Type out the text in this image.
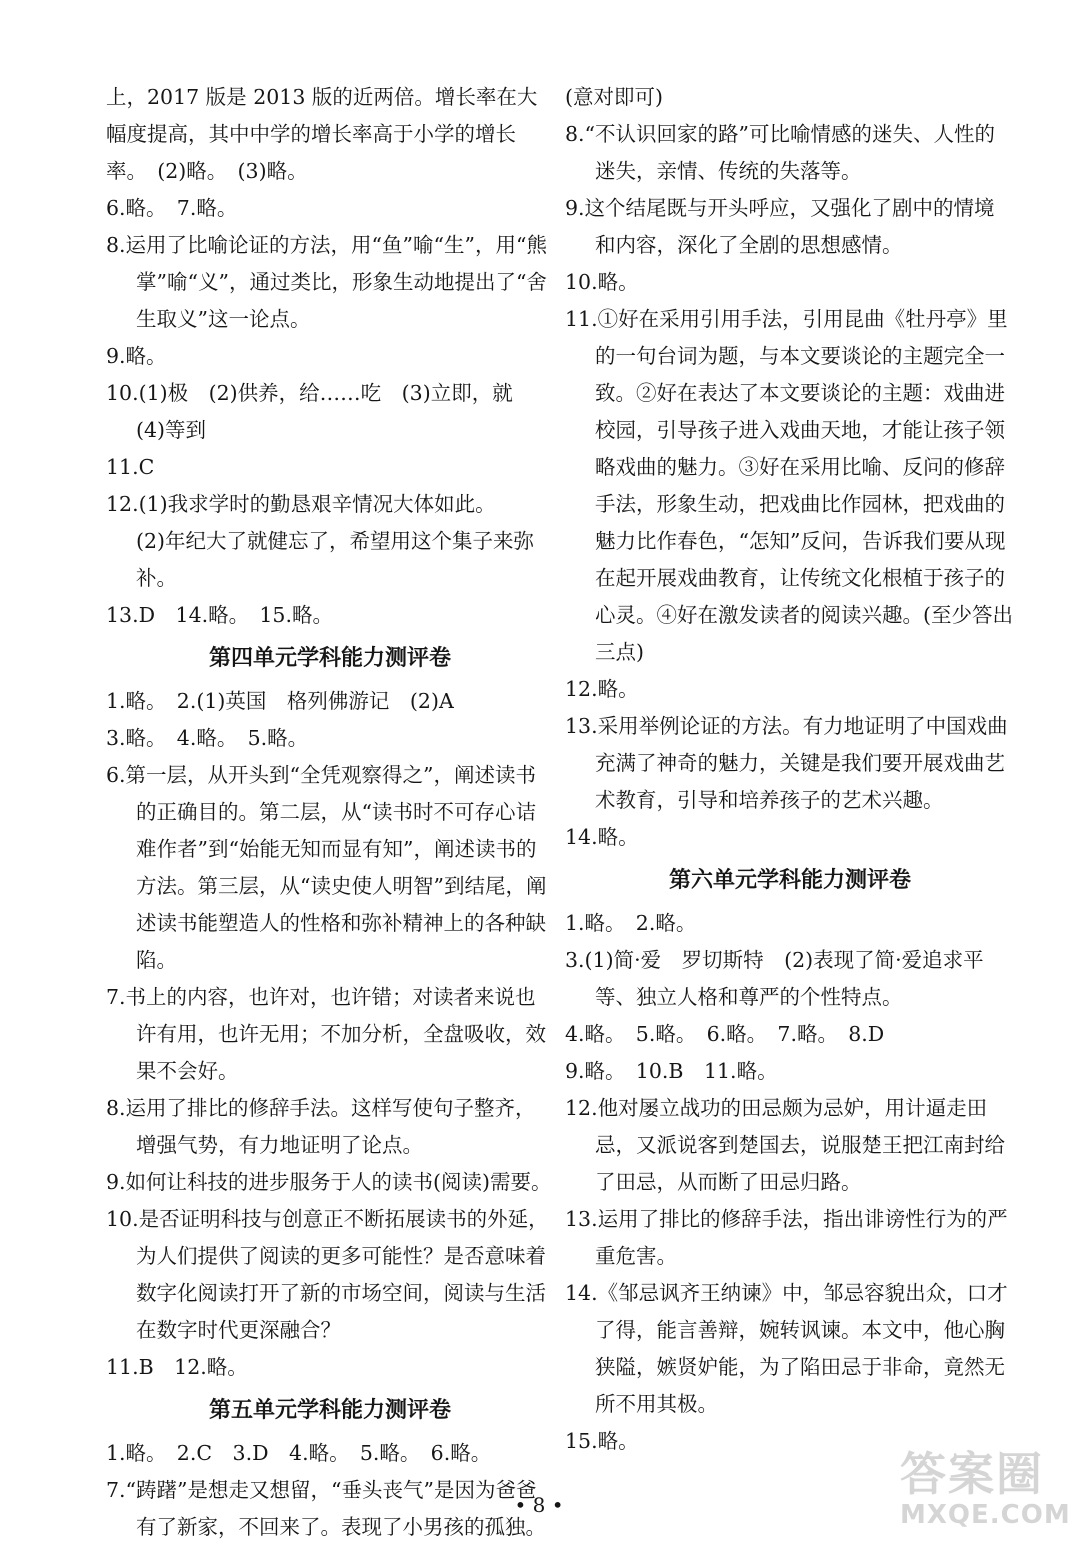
上，2017 版是 2013 版的近两倍。增长率在大
幅度提高，其中中学的增长率高于小学的增长
率。　(2)略。　(3)略。
6.略。　7.略。
8.运用了比喻论证的方法，用“鱼”喻“生”，用“熊掌”喻“义”，通过类比，形象生动地提出了“舍生取义”这一论点。
9.略。
10.(1)极　(2)供养，给……吃　(3)立即，就
(4)等到
11.C
12.(1)我求学时的勤恳艰辛情况大体如此。
(2)年纪大了就健忘了，希望用这个集子来弥补。
13.D　14.略。　15.略。
第四单元学科能力测评卷
1.略。　2.(1)英国　格列佛游记　(2)A
3.略。　4.略。　5.略。
6.第一层，从开头到“全凭观察得之”，阐述读书的正确目的。第二层，从“读书时不可存心诘难作者”到“始能无知而显有知”，阐述读书的方法。第三层，从“读史使人明智”到结尾，阐述读书能塑造人的性格和弥补精神上的各种缺陷。
7.书上的内容，也许对，也许错；对读者来说也许有用，也许无用；不加分析，全盘吸收，效果不会好。
8.运用了排比的修辞手法。这样写使句子整齐，增强气势，有力地证明了论点。
9.如何让科技的进步服务于人的读书(阅读)需要。
10.是否证明科技与创意正不断拓展读书的外延，为人们提供了阅读的更多可能性？是否意味着数字化阅读打开了新的市场空间，阅读与生活在数字时代更深融合？
11.B　12.略。
第五单元学科能力测评卷
1.略。　2.C　3.D　4.略。　5.略。　6.略。
7.“踌躇”是想走又想留，“垂头丧气”是因为爸爸有了新家，不回来了。表现了小男孩的孤独。
(意对即可)
8.“不认识回家的路”可比喻情感的迷失、人性的迷失，亲情、传统的失落等。
9.这个结尾既与开头呼应，又强化了剧中的情境和内容，深化了全剧的思想感情。
10.略。
11.①好在采用引用手法，引用昆曲《牡丹亭》里的一句台词为题，与本文要谈论的主题完全一致。②好在表达了本文要谈论的主题：戏曲进校园，引导孩子进入戏曲天地，才能让孩子领略戏曲的魅力。③好在采用比喻、反问的修辞手法，形象生动，把戏曲比作园林，把戏曲的魅力比作春色，“怎知”反问，告诉我们要从现在起开展戏曲教育，让传统文化根植于孩子的心灵。④好在激发读者的阅读兴趣。(至少答出三点)
12.略。
13.采用举例论证的方法。有力地证明了中国戏曲充满了神奇的魅力，关键是我们要开展戏曲艺术教育，引导和培养孩子的艺术兴趣。
14.略。
第六单元学科能力测评卷
1.略。　2.略。
3.(1)简·爱　罗切斯特　(2)表现了简·爱追求平等、独立人格和尊严的个性特点。
4.略。　5.略。　6.略。　7.略。　8.D
9.略。　10.B　11.略。
12.他对屡立战功的田忌颇为忌妒，用计逼走田忌，又派说客到楚国去，说服楚王把江南封给了田忌，从而断了田忌归路。
13.运用了排比的修辞手法，指出诽谤性行为的严重危害。
14.《邹忌讽齐王纳谏》中，邹忌容貌出众，口才了得，能言善辩，婉转讽谏。本文中，他心胸狭隘，嫉贤妒能，为了陷田忌于非命，竟然无所不用其极。
15.略。
• 8 •
答案圈
MXQE.COM
